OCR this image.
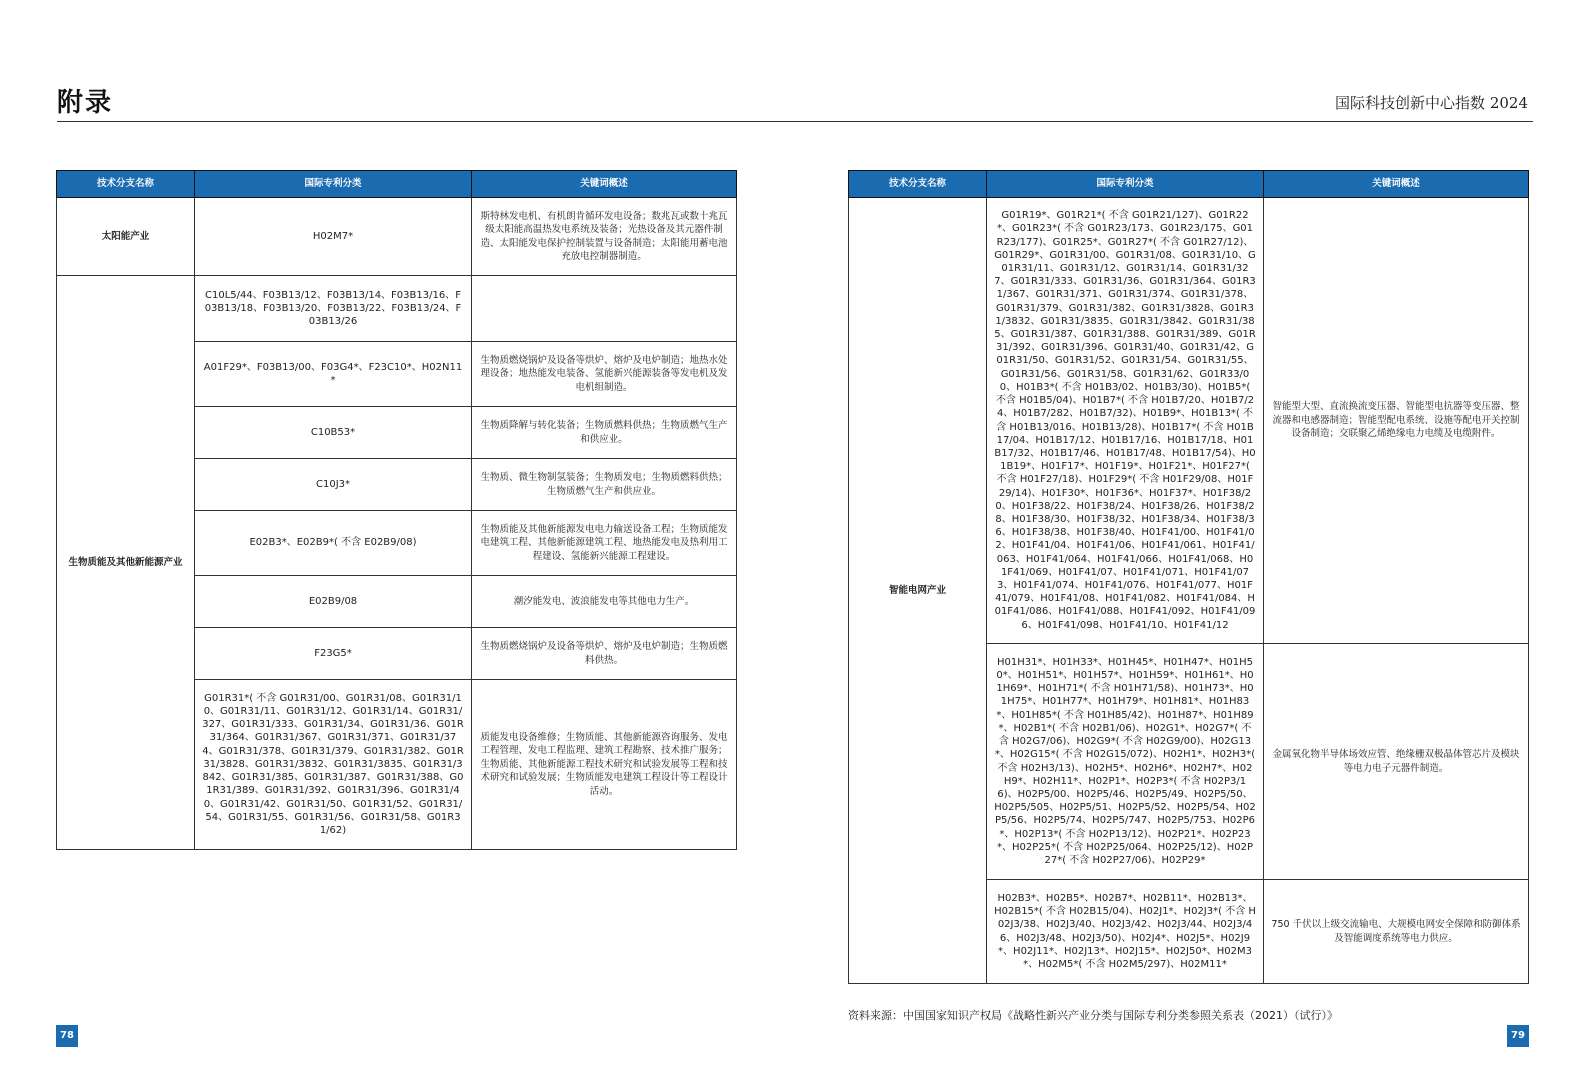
附录	国际科技创新中心指数 2024
技术分支名称	国际专利分类	关键词概述
太阳能产业	H02M7*	斯特林发电机、有机朗肯循环发电设备；数兆瓦或数十兆瓦级太阳能高温热发电系统及装备；光热设备及其元器件制造、太阳能发电保护控制装置与设备制造；太阳能用蓄电池充放电控制器制造。
生物质能及其他新能源产业	C10L5/44、F03B13/12、F03B13/14、F03B13/16、F03B13/18、F03B13/20、F03B13/22、F03B13/24、F03B13/26	
	A01F29*、F03B13/00、F03G4*、F23C10*、H02N11*	生物质燃烧锅炉及设备等烘炉、熔炉及电炉制造；地热水处理设备；地热能发电装备、氢能新兴能源装备等发电机及发电机组制造。
	C10B53*	生物质降解与转化装备；生物质燃料供热；生物质燃气生产和供应业。
	C10J3*	生物质、微生物制氢装备；生物质发电；生物质燃料供热；生物质燃气生产和供应业。
	E02B3*、E02B9*( 不含 E02B9/08)	生物质能及其他新能源发电电力输送设备工程；生物质能发电建筑工程、其他新能源建筑工程、地热能发电及热利用工程建设、氢能新兴能源工程建设。
	E02B9/08	潮汐能发电、波浪能发电等其他电力生产。
	F23G5*	生物质燃烧锅炉及设备等烘炉、熔炉及电炉制造；生物质燃料供热。
	G01R31*( 不含 G01R31/00、G01R31/08、G01R31/10、G01R31/11、G01R31/12、G01R31/14、G01R31/327、G01R31/333、G01R31/34、G01R31/36、G01R31/364、G01R31/367、G01R31/371、G01R31/374、G01R31/378、G01R31/379、G01R31/382、G01R31/3828、G01R31/3832、G01R31/3835、G01R31/3842、G01R31/385、G01R31/387、G01R31/388、G01R31/389、G01R31/392、G01R31/396、G01R31/40、G01R31/42、G01R31/50、G01R31/52、G01R31/54、G01R31/55、G01R31/56、G01R31/58、G01R31/62)	质能发电设备维修；生物质能、其他新能源咨询服务、发电工程管理、发电工程监理、建筑工程勘察、技术推广服务；生物质能、其他新能源工程技术研究和试验发展等工程和技术研究和试验发展；生物质能发电建筑工程设计等工程设计活动。
技术分支名称	国际专利分类	关键词概述
智能电网产业	G01R19*、G01R21*( 不含 G01R21/127)、G01R22*、G01R23*( 不含 G01R23/173、G01R23/175、G01R23/177)、G01R25*、G01R27*( 不含 G01R27/12)、G01R29*、G01R31/00、G01R31/08、G01R31/10、G01R31/11、G01R31/12、G01R31/14、G01R31/327、G01R31/333、G01R31/36、G01R31/364、G01R31/367、G01R31/371、G01R31/374、G01R31/378、G01R31/379、G01R31/382、G01R31/3828、G01R31/3832、G01R31/3835、G01R31/3842、G01R31/385、G01R31/387、G01R31/388、G01R31/389、G01R31/392、G01R31/396、G01R31/40、G01R31/42、G01R31/50、G01R31/52、G01R31/54、G01R31/55、G01R31/56、G01R31/58、G01R31/62、G01R33/00、H01B3*( 不含 H01B3/02、H01B3/30)、H01B5*( 不含 H01B5/04)、H01B7*( 不含 H01B7/20、H01B7/24、H01B7/282、H01B7/32)、H01B9*、H01B13*( 不含 H01B13/016、H01B13/28)、H01B17*( 不含 H01B17/04、H01B17/12、H01B17/16、H01B17/18、H01B17/32、H01B17/46、H01B17/48、H01B17/54)、H01B19*、H01F17*、H01F19*、H01F21*、H01F27*( 不含 H01F27/18)、H01F29*( 不含 H01F29/08、H01F29/14)、H01F30*、H01F36*、H01F37*、H01F38/20、H01F38/22、H01F38/24、H01F38/26、H01F38/28、H01F38/30、H01F38/32、H01F38/34、H01F38/36、H01F38/38、H01F38/40、H01F41/00、H01F41/02、H01F41/04、H01F41/06、H01F41/061、H01F41/063、H01F41/064、H01F41/066、H01F41/068、H01F41/069、H01F41/07、H01F41/071、H01F41/073、H01F41/074、H01F41/076、H01F41/077、H01F41/079、H01F41/08、H01F41/082、H01F41/084、H01F41/086、H01F41/088、H01F41/092、H01F41/096、H01F41/098、H01F41/10、H01F41/12	智能型大型、直流换流变压器、智能型电抗器等变压器、整流器和电感器制造；智能型配电系统、设施等配电开关控制设备制造；交联聚乙烯绝缘电力电缆及电缆附件。
	H01H31*、H01H33*、H01H45*、H01H47*、H01H50*、H01H51*、H01H57*、H01H59*、H01H61*、H01H69*、H01H71*( 不含 H01H71/58)、H01H73*、H01H75*、H01H77*、H01H79*、H01H81*、H01H83*、H01H85*( 不含 H01H85/42)、H01H87*、H01H89*、H02B1*( 不含 H02B1/06)、H02G1*、H02G7*( 不含 H02G7/06)、H02G9*( 不含 H02G9/00)、H02G13*、H02G15*( 不含 H02G15/072)、H02H1*、H02H3*( 不含 H02H3/13)、H02H5*、H02H6*、H02H7*、H02H9*、H02H11*、H02P1*、H02P3*( 不含 H02P3/16)、H02P5/00、H02P5/46、H02P5/49、H02P5/50、H02P5/505、H02P5/51、H02P5/52、H02P5/54、H02P5/56、H02P5/74、H02P5/747、H02P5/753、H02P6*、H02P13*( 不含 H02P13/12)、H02P21*、H02P23*、H02P25*( 不含 H02P25/064、H02P25/12)、H02P27*( 不含 H02P27/06)、H02P29*	金属氧化物半导体场效应管、绝缘栅双极晶体管芯片及模块等电力电子元器件制造。
	H02B3*、H02B5*、H02B7*、H02B11*、H02B13*、H02B15*( 不含 H02B15/04)、H02J1*、H02J3*( 不含 H02J3/38、H02J3/40、H02J3/42、H02J3/44、H02J3/46、H02J3/48、H02J3/50)、H02J4*、H02J5*、H02J9*、H02J11*、H02J13*、H02J15*、H02J50*、H02M3*、H02M5*( 不含 H02M5/297)、H02M11*	750 千伏以上级交流输电、大规模电网安全保障和防御体系及智能调度系统等电力供应。
资料来源：中国国家知识产权局《战略性新兴产业分类与国际专利分类参照关系表（2021）（试行）》
78	79
